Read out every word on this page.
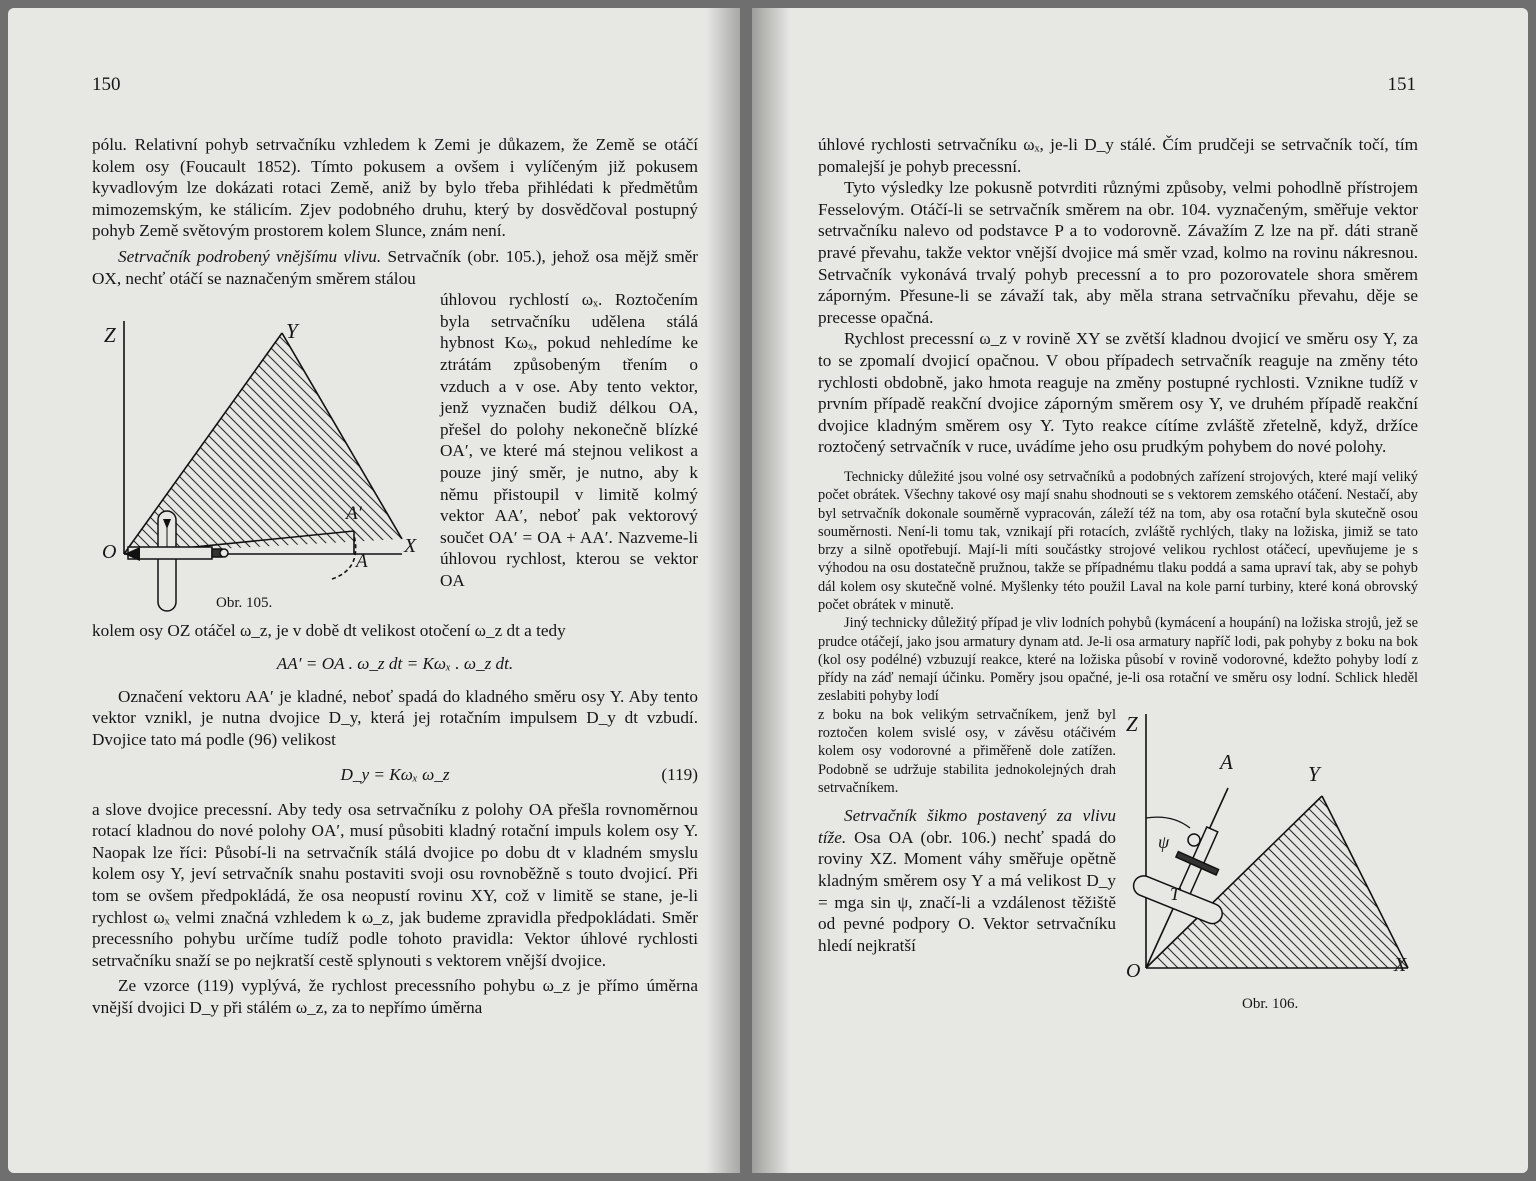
150

pólu. Relativní pohyb setrvačníku vzhledem k Zemi je důkazem, že Země se otáčí kolem osy (Foucault 1852). Tímto pokusem a ovšem i vylíčeným již pokusem kyvadlovým lze dokázati rotaci Země, aniž by bylo třeba přihlédati k předmětům mimozemským, ke stálicím. Zjev podobného druhu, který by dosvědčoval postupný pohyb Země světovým prostorem kolem Slunce, znám není.

Setrvačník podrobený vnějšímu vlivu. Setrvačník (obr. 105.), jehož osa mějž směr OX, nechť otáčí se naznačeným směrem stálou

Z	Y
O	X
A′
A
Obr. 105.

úhlovou rychlostí ωₓ. Roztočením byla setrvačníku udělena stálá hybnost Kωₓ, pokud nehledíme ke ztrátám způsobeným třením o vzduch a v ose. Aby tento vektor, jenž vyznačen budiž délkou OA, přešel do polohy nekonečně blízké OA′, ve které má stejnou velikost a pouze jiný směr, je nutno, aby k němu přistoupil v limitě kolmý vektor AA′, neboť pak vektorový součet OA′ = OA + AA′. Nazveme-li úhlovou rychlost, kterou se vektor OA

kolem osy OZ otáčel ω_z, je v době dt velikost otočení ω_z dt a tedy

AA′ = OA . ω_z dt = Kωₓ . ω_z dt.

Označení vektoru AA′ je kladné, neboť spadá do kladného směru osy Y. Aby tento vektor vznikl, je nutna dvojice D_y, která jej rotačním impulsem D_y dt vzbudí. Dvojice tato má podle (96) velikost

D_y = Kωₓ ω_z	(119)

a slove dvojice precessní. Aby tedy osa setrvačníku z polohy OA přešla rovnoměrnou rotací kladnou do nové polohy OA′, musí působiti kladný rotační impuls kolem osy Y. Naopak lze říci: Působí-li na setrvačník stálá dvojice po dobu dt v kladném smyslu kolem osy Y, jeví setrvačník snahu postaviti svoji osu rovnoběžně s touto dvojicí. Při tom se ovšem předpokládá, že osa neopustí rovinu XY, což v limitě se stane, je-li rychlost ωₓ velmi značná vzhledem k ω_z, jak budeme zpravidla předpokládati. Směr precessního pohybu určíme tudíž podle tohoto pravidla: Vektor úhlové rychlosti setrvačníku snaží se po nejkratší cestě splynouti s vektorem vnější dvojice.

Ze vzorce (119) vyplývá, že rychlost precessního pohybu ω_z je přímo úměrna vnější dvojici D_y při stálém ω_z, za to nepřímo úměrna

151

úhlové rychlosti setrvačníku ωₓ, je-li D_y stálé. Čím prudčeji se setrvačník točí, tím pomalejší je pohyb precessní.

Tyto výsledky lze pokusně potvrditi různými způsoby, velmi pohodlně přístrojem Fesselovým. Otáčí-li se setrvačník směrem na obr. 104. vyznačeným, směřuje vektor setrvačníku nalevo od podstavce P a to vodorovně. Závažím Z lze na př. dáti straně pravé převahu, takže vektor vnější dvojice má směr vzad, kolmo na rovinu nákresnou. Setrvačník vykonává trvalý pohyb precessní a to pro pozorovatele shora směrem záporným. Přesune-li se závaží tak, aby měla strana setrvačníku převahu, děje se precesse opačná.

Rychlost precessní ω_z v rovině XY se zvětší kladnou dvojicí ve směru osy Y, za to se zpomalí dvojicí opačnou. V obou případech setrvačník reaguje na změny této rychlosti obdobně, jako hmota reaguje na změny postupné rychlosti. Vznikne tudíž v prvním případě reakční dvojice záporným směrem osy Y, ve druhém případě reakční dvojice kladným směrem osy Y. Tyto reakce cítíme zvláště zřetelně, když, držíce roztočený setrvačník v ruce, uvádíme jeho osu prudkým pohybem do nové polohy.

Technicky důležité jsou volné osy setrvačníků a podobných zařízení strojových, které mají veliký počet obrátek. Všechny takové osy mají snahu shodnouti se s vektorem zemského otáčení. Nestačí, aby byl setrvačník dokonale souměrně vypracován, záleží též na tom, aby osa rotační byla skutečně osou souměrnosti. Není-li tomu tak, vznikají při rotacích, zvláště rychlých, tlaky na ložiska, jimiž se tato brzy a silně opotřebují. Mají-li míti součástky strojové velikou rychlost otáčecí, upevňujeme je s výhodou na osu dostatečně pružnou, takže se případnému tlaku poddá a sama upraví tak, aby se pohyb dál kolem osy skutečně volné. Myšlenky této použil Laval na kole parní turbiny, které koná obrovský počet obrátek v minutě.

Jiný technicky důležitý případ je vliv lodních pohybů (kymácení a houpání) na ložiska strojů, jež se prudce otáčejí, jako jsou armatury dynam atd. Je-li osa armatury napříč lodi, pak pohyby z boku na bok (kol osy podélné) vzbuzují reakce, které na ložiska působí v rovině vodorovné, kdežto pohyby lodí z přídy na záď nemají účinku. Poměry jsou opačné, je-li osa rotační ve směru osy lodní. Schlick hleděl zeslabiti pohyby lodí

Z
A	Y
ψ
T
O	X
Obr. 106.

z boku na bok velikým setrvačníkem, jenž byl roztočen kolem svislé osy, v závěsu otáčivém kolem osy vodorovné a přiměřeně dole zatížen. Podobně se udržuje stabilita jednokolejných drah setrvačníkem.

Setrvačník šikmo postavený za vlivu tíže. Osa OA (obr. 106.) nechť spadá do roviny XZ. Moment váhy směřuje opětně kladným směrem osy Y a má velikost D_y = mga sin ψ, značí-li a vzdálenost těžiště od pevné podpory O. Vektor setrvačníku hledí nejkratší
